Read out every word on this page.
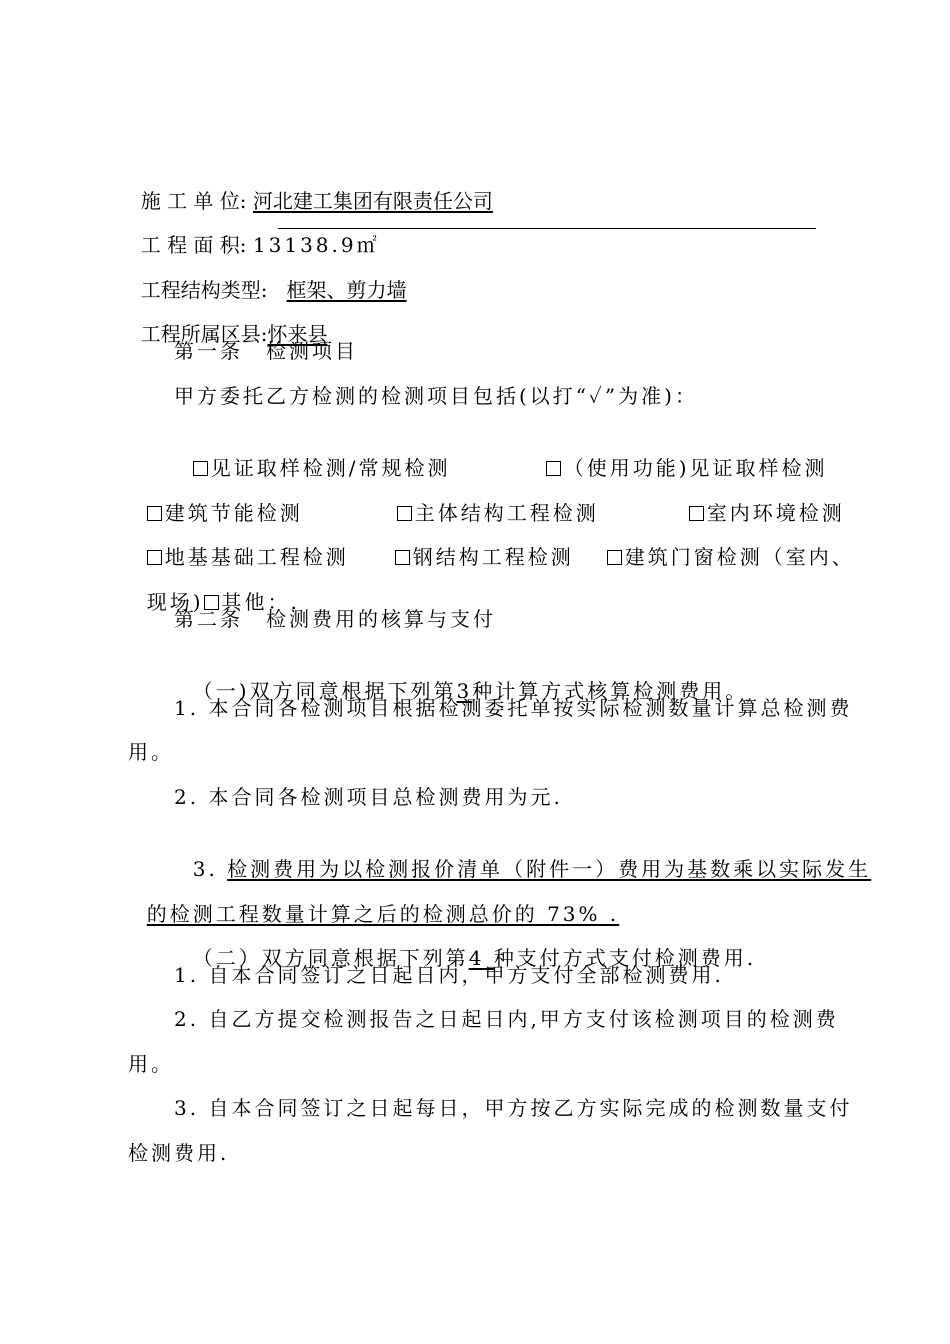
施 工 单 位: 河北建工集团有限责任公司

工 程 面 积: 13138.9㎡

工程结构类型: 框架、剪力墙

工程所属区县:怀来县

第一条　检测项目
甲方委托乙方检测的检测项目包括(以打“✓”为准)：

见证取样检测/常规检测	（使用功能)见证取样检测

建筑节能检测	主体结构工程检测	室内环境检测

地基基础工程检测	钢结构工程检测	建筑门窗检测（室内、

现场) 其他：.

第二条　检测费用的核算与支付

（一)双方同意根据下列第3种计算方式核算检测费用。

1. 本合同各检测项目根据检测委托单按实际检测数量计算总检测费
用。
2. 本合同各检测项目总检测费用为元.

3. 检测费用为以检测报价清单（附件一）费用为基数乘以实际发生

的检测工程数量计算之后的检测总价的 73% .

（二）双方同意根据下列第4 种支付方式支付检测费用.

1. 自本合同签订之日起日内，甲方支付全部检测费用.
2. 自乙方提交检测报告之日起日内,甲方支付该检测项目的检测费
用。
3. 自本合同签订之日起每日，甲方按乙方实际完成的检测数量支付
检测费用.
